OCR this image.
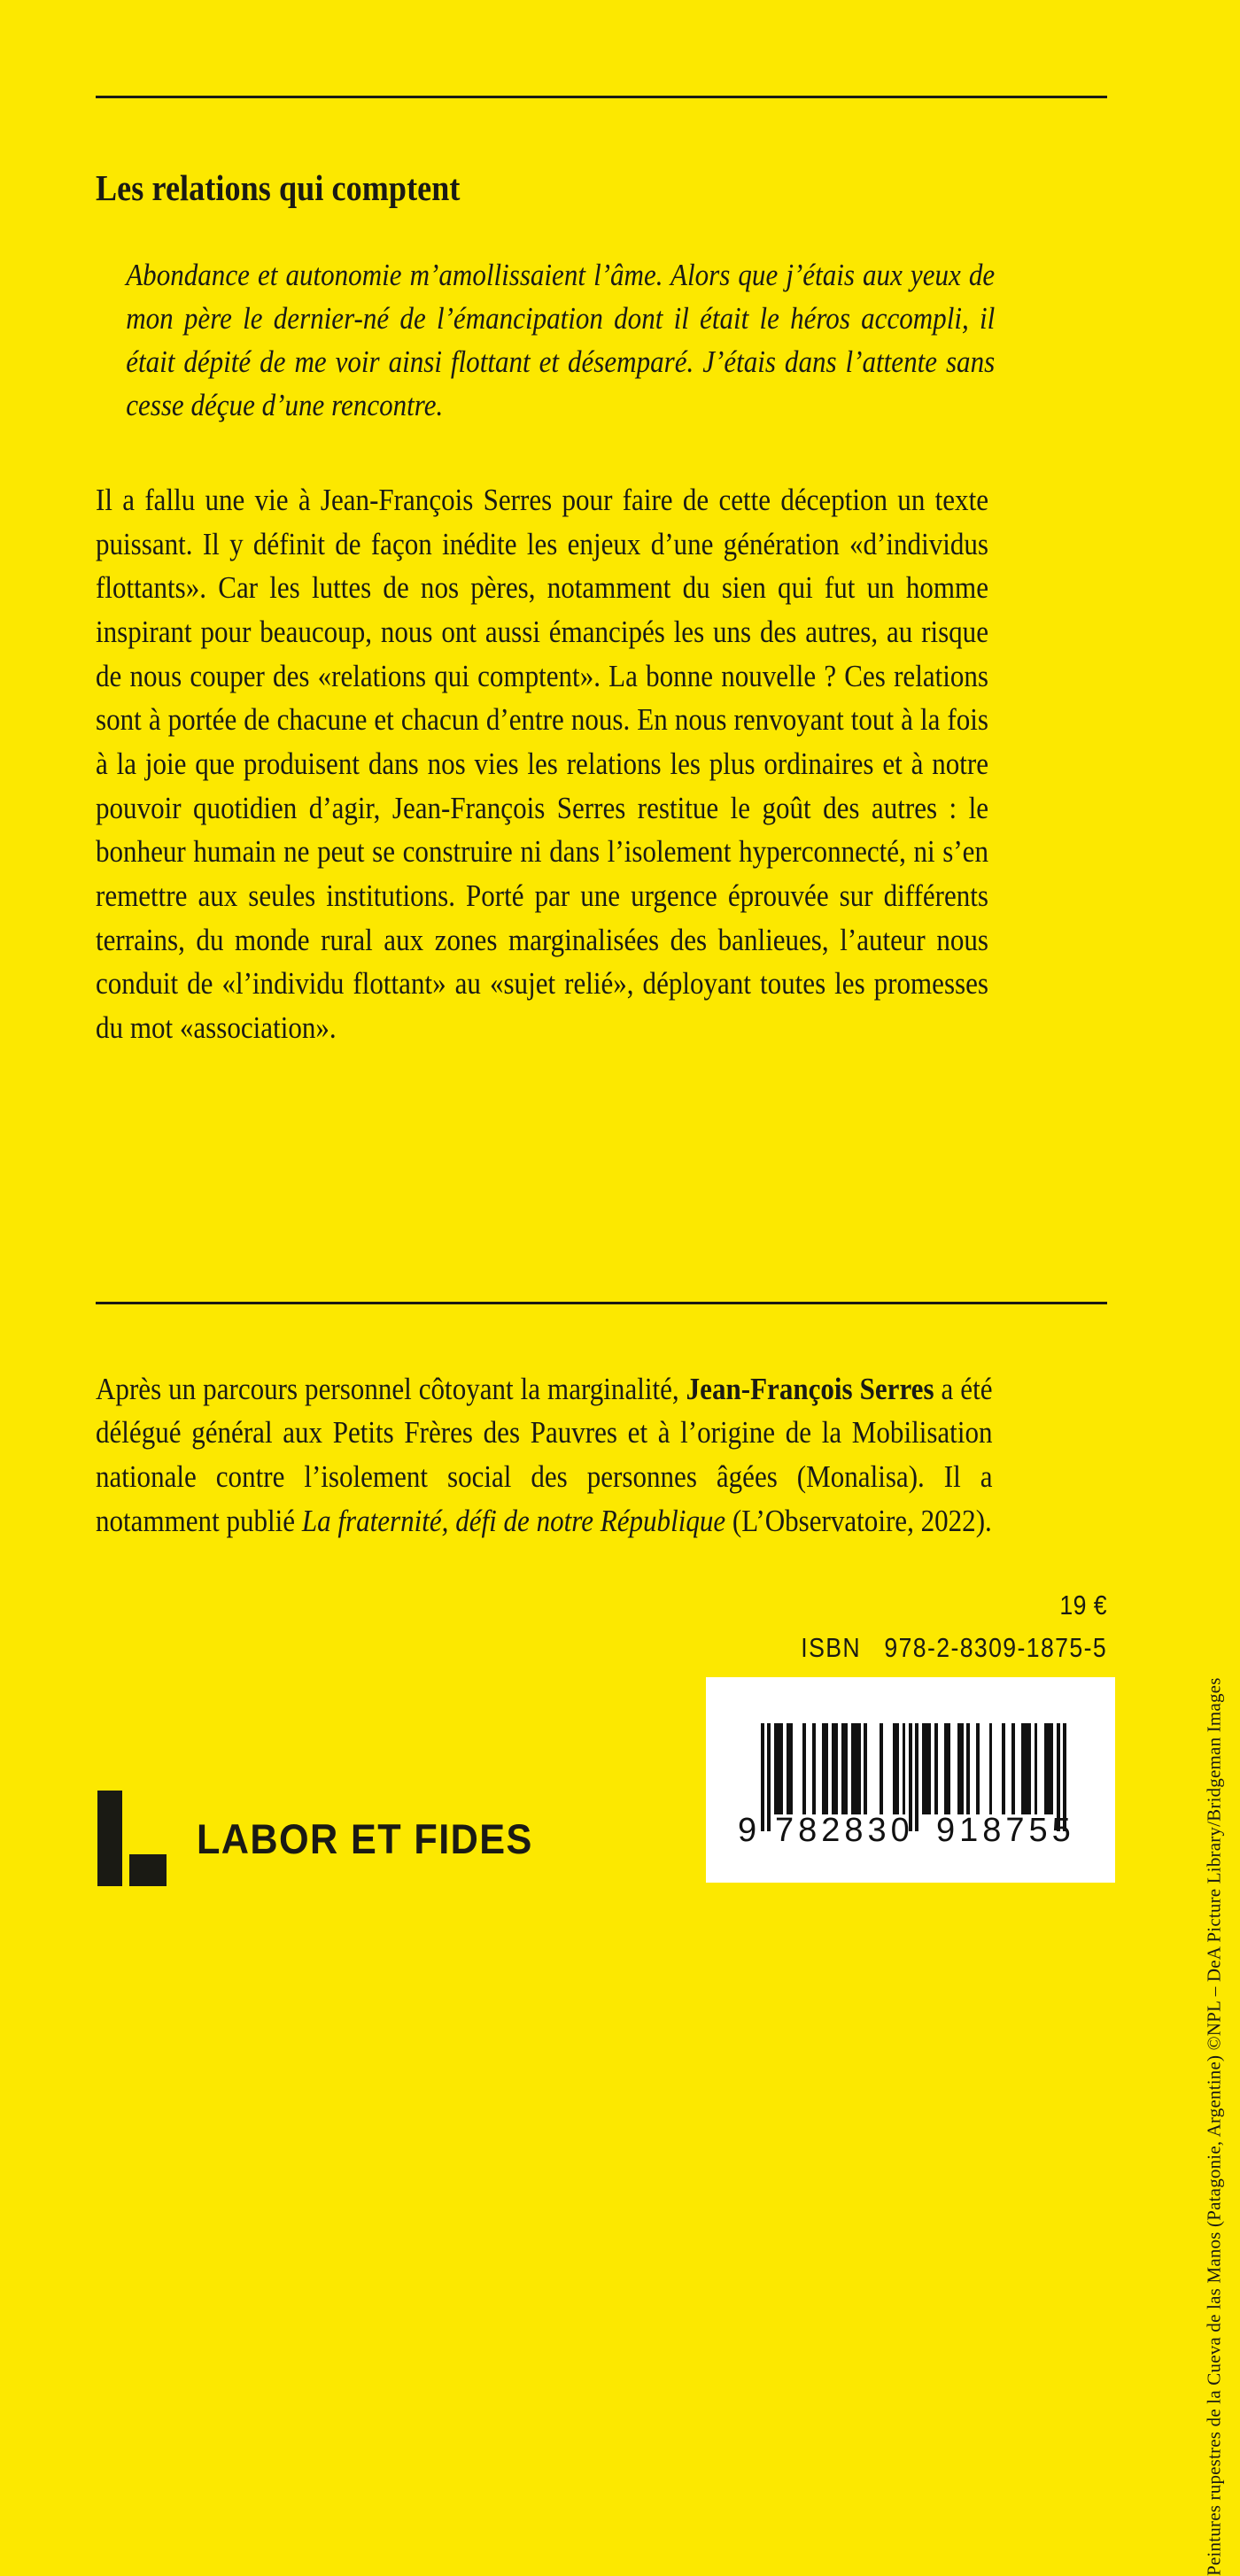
Les relations qui comptent

Abondance et autonomie m’amollissaient l’âme. Alors que j’étais aux yeux de mon père le dernier-né de l’émancipation dont il était le héros accompli, il était dépité de me voir ainsi flottant et désemparé. J’étais dans l’attente sans cesse déçue d’une rencontre.

Il a fallu une vie à Jean-François Serres pour faire de cette déception un texte puissant. Il y définit de façon inédite les enjeux d’une génération «d’individus flottants». Car les luttes de nos pères, notamment du sien qui fut un homme inspirant pour beaucoup, nous ont aussi émancipés les uns des autres, au risque de nous couper des «relations qui comptent». La bonne nouvelle ? Ces relations sont à portée de chacune et chacun d’entre nous. En nous renvoyant tout à la fois à la joie que produisent dans nos vies les relations les plus ordinaires et à notre pouvoir quotidien d’agir, Jean-François Serres restitue le goût des autres : le bonheur humain ne peut se construire ni dans l’isolement hyperconnecté, ni s’en remettre aux seules institutions. Porté par une urgence éprouvée sur différents terrains, du monde rural aux zones marginalisées des banlieues, l’auteur nous conduit de «l’individu flottant» au «sujet relié», déployant toutes les promesses du mot «association».

Après un parcours personnel côtoyant la marginalité, Jean-François Serres a été délégué général aux Petits Frères des Pauvres et à l’origine de la Mobilisation nationale contre l’isolement social des personnes âgées (Monalisa). Il a notamment publié La fraternité, défi de notre République (L’Observatoire, 2022).

19 €
ISBN 978-2-8309-1875-5
9 782830 918755
LABOR ET FIDES	Peintures rupestres de la Cueva de las Manos (Patagonie, Argentine) ©NPL – DeA Picture Library/Bridgeman Images
